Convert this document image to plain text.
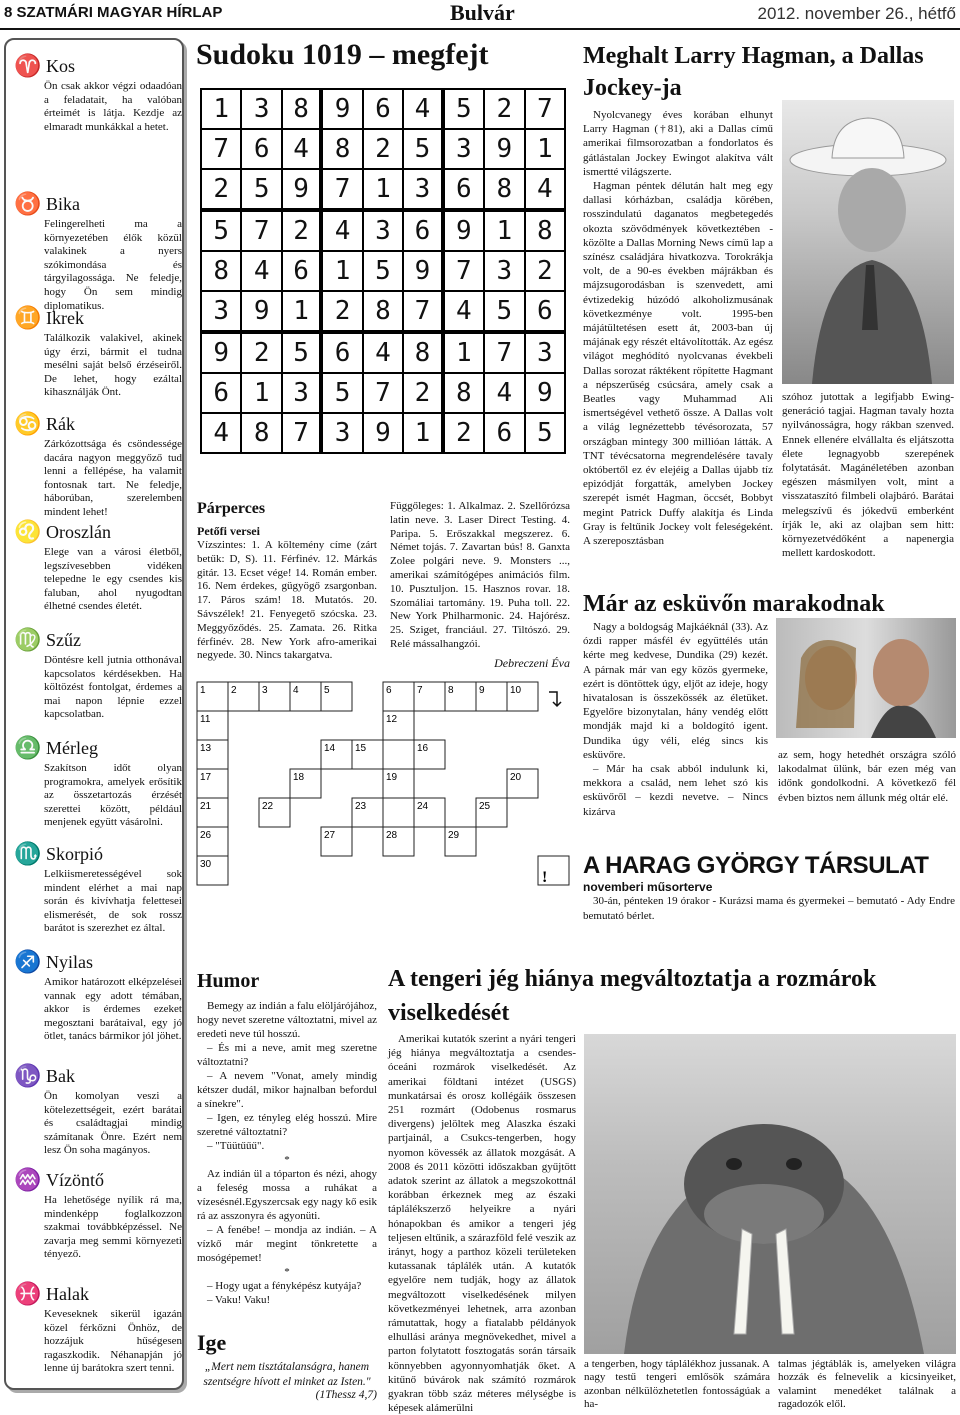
8 SZATMÁRI MAGYAR HÍRLAP	Bulvár	2012. november 26., hétfő
♈ Kos
Ön csak akkor végzi odaadóan a feladatait, ha valóban érteimét is látja. Kezdje az elmaradt munkákkal a hetet.
♉ Bika
Felingerelheti ma a környezetében élők közül valakinek a nyers szókimondása és tárgyilagossága. Ne feledje, hogy Ön sem mindig diplomatikus.
♊ Ikrek
Találkozik valakivel, akinek úgy érzi, bármit el tudna mesélni saját belső érzéseiről. De lehet, hogy ezáltal kihasználják Önt.
♋ Rák
Zárkózottsága és csöndessége dacára nagyon meggyőző tud lenni a fellépése, ha valamit fontosnak tart. Ne feledje, háborúban, szerelemben mindent lehet!
♌ Oroszlán
Elege van a városi életből, legszívesebben vidéken telepedne le egy csendes kis faluban, ahol nyugodtan élhetné csendes életét.
♍ Szűz
Döntésre kell jutnia otthonával kapcsolatos kérdésekben. Ha költözést fontolgat, érdemes a mai napon lépnie ezzel kapcsolatban.
♎ Mérleg
Szakítson időt olyan programokra, amelyek erősítik az összetartozás érzését szerettei között, például menjenek együtt vásárolni.
♏ Skorpió
Lelkiismeretességével sok mindent elérhet a mai nap során és kivívhatja felettesei elismerését, de sok rossz barátot is szerezhet ez által.
♐ Nyilas
Amikor határozott elképzelései vannak egy adott témában, akkor is érdemes ezeket megosztani barátaival, egy jó ötlet, tanács bármikor jól jöhet.
♑ Bak
Ön komolyan veszi a kötelezettségeit, ezért barátai és családtagjai mindig számítanak Önre. Ezért nem lesz Ön soha magányos.
♒ Vízöntő
Ha lehetősége nyílik rá ma, mindenképp foglalkozzon szakmai továbbképzéssel. Ne zavarja meg semmi környezeti tényező.
♓ Halak
Keveseknek sikerül igazán közel férkőzni Önhöz, de hozzájuk hűségesen ragaszkodik. Néhanapján jó lenne új barátokra szert tenni.
Sudoku 1019 – megfejt
1 3 8 9 6 4 5 2 7
7 6 4 8 2 5 3 9 1
2 5 9 7 1 3 6 8 4
5 7 2 4 3 6 9 1 8
8 4 6 1 5 9 7 3 2
3 9 1 2 8 7 4 5 6
9 2 5 6 4 8 1 7 3
6 1 3 5 7 2 8 4 9
4 8 7 3 9 1 2 6 5
Párperces
Petőfi versei
Vízszintes: 1. A költemény címe (zárt betűk: D, S). 11. Férfinév. 12. Márkás gitár. 13. Ecset vége! 14. Román ember. 16. Nem érdekes, gügyögő zsargonban. 17. Páros szám! 18. Mutatós. 20. Sávszélek! 21. Fenyegető szócska. 23. Meggyőződés. 25. Zamata. 26. Ritka férfinév. 28. New York afro-amerikai negyede. 30. Nincs takargatva.
Függőleges: 1. Alkalmaz. 2. Szellőrózsa latin neve. 3. Laser Direct Testing. 4. Paripa. 5. Erőszakkal megszerez. 6. Német tojás. 7. Zavartan bús! 8. Ganxta Zolee polgári neve. 9. Monsters ..., amerikai számítógépes animációs film. 10. Pusztuljon. 15. Hasznos rovar. 18. Szomáliai tartomány. 19. Puha toll. 22. New York Philharmonic. 24. Hajórész. 25. Sziget, franciául. 27. Tiltószó. 29. Relé mássalhangzói.
Debreczeni Éva
1	2	3	4	5	6	7	8	9	10
11	12
13	14 15	16
17	18	19	20
21	22	23	24	25
26	27	28	29
30
!
Humor
Bemegy az indián a falu elöljárójához, hogy nevet szeretne változtatni, mivel az eredeti neve túl hosszú.
– És mi a neve, amit meg szeretne változtatni?
– A nevem "Vonat, amely mindig kétszer dudál, mikor hajnalban befordul a sínekre".
– Igen, ez tényleg elég hosszú. Mire szeretné változtatni?
– "Tüütűűű".
*
Az indián ül a tóparton és nézi, ahogy a feleség mossa a ruhákat a vízesésnél.Egyszercsak egy nagy kő esik rá az asszonyra és agyonüti.
– A fenébe! – mondja az indián. – A vízkő már megint tönkretette a mosógépemet!
*
– Hogy ugat a fényképész kutyája?
– Vaku! Vaku!
Ige
„Mert nem tisztátalanságra, hanem szentségre hívott el minket az Isten."
(1Thessz 4,7)
Meghalt Larry Hagman, a Dallas Jockey-ja
Nyolcvanegy éves korában elhunyt Larry Hagman (†81), aki a Dallas című amerikai filmsorozatban a fondorlatos és gátlástalan Jockey Ewingot alakítva vált ismertté világszerte.
Hagman péntek délután halt meg egy dallasi kórházban, családja körében, rosszindulatú daganatos megbetegedés okozta szövődmények következtében - közölte a Dallas Morning News című lap a színész családjára hivatkozva. Torokrákja volt, de a 90-es években májrákban és májzsugorodásban is szenvedett, ami évtizedekig húzódó alkoholizmusának következménye volt. 1995-ben májátültetésen esett át, 2003-ban új májának egy részét eltávolították. Az egész világot meghódító nyolcvanas évekbeli Dallas sorozat ráktékent röpítette Hagmant a népszerűség csúcsára, amely csak a Beatles vagy Muhammad Ali ismertségével vethető össze. A Dallas volt a világ legnézettebb tévésorozata, 57 országban mintegy 300 millióan látták. A TNT tévécsatorna megrendelésére tavaly októbertől ez év elejéig a Dallas újabb tíz epizódját forgatták, amelyben Jockey szerepét ismét Hagman, öccsét, Bobbyt megint Patrick Duffy alakítja és Linda Gray is feltűnik Jockey volt feleségeként. A szereposztásban
szóhoz jutottak a legifjabb Ewing-generáció tagjai. Hagman tavaly hozta nyilvánosságra, hogy rákban szenved. Ennek ellenére elvállalta és eljátszotta élete legnagyobb szerepének folytatását. Magánéletében azonban egészen másmilyen volt, mint a visszataszító filmbeli olajbáró. Barátai melegszívű és jókedvű emberként írják le, aki az olajban sem hitt: környezetvédőként a napenergia mellett kardoskodott.
Már az esküvőn marakodnak
Nagy a boldogság Majkáéknál (33). Az ózdi rapper másfél év együttélés után kérte meg kedvese, Dundika (29) kezét. A párnak már van egy közös gyermeke, ezért is döntöttek úgy, eljőt az ideje, hogy hivatalosan is összekössék az életüket. Egyelőre bizonytalan, hány vendég előtt mondják majd ki a boldogító igent. Dundika úgy véli, elég sincs kis esküvőre.
– Már ha csak abból indulunk ki, mekkora a család, nem lehet szó kis esküvőről – kezdi nevetve. – Nincs kizárva
az sem, hogy hetedhét országra szóló lakodalmat ülünk, bár ezen még van időnk gondolkodni. A következő fél évben biztos nem állunk még oltár elé.
A HARAG GYÖRGY TÁRSULAT
novemberi műsorterve
30-án, pénteken 19 órakor - Kurázsi mama és gyermekei – bemutató - Ady Endre bemutató bérlet.
A tengeri jég hiánya megváltoztatja a rozmárok viselkedését
Amerikai kutatók szerint a nyári tengeri jég hiánya megváltoztatja a csendes-óceáni rozmárok viselkedését. Az amerikai földtani intézet (USGS) munkatársai és orosz kollégáik összesen 251 rozmárt (Odobenus rosmarus divergens) jelöltek meg Alaszka északi partjainál, a Csukcs-tengerben, hogy nyomon kövessék az állatok mozgását. A 2008 és 2011 közötti időszakban gyűjtött adatok szerint az állatok a megszokottnál korábban érkeznek meg az északi táplálékszerző helyeikre a nyári hónapokban és amikor a tengeri jég teljesen eltűnik, a szárazföld felé veszik az irányt, hogy a parthoz közeli területeken kutassanak táplálék után. A kutatók egyelőre nem tudják, hogy az állatok megváltozott viselkedésének milyen következményei lehetnek, arra azonban rámutattak, hogy a fiatalabb példányok elhullási aránya megnövekedhet, mivel a parton folytatott fosztogatás során társaik könnyebben agyonnyomhatják őket. A kitűnő búvárok nak számító rozmárok gyakran több száz méteres mélységbe is képesek alámerülni
a tengerben, hogy táplálékhoz jussanak. A nagy testű tengeri emlősök számára azonban nélkülözhetetlen fontosságúak a ha-
talmas jégtáblák is, amelyeken világra hozzák és felnevelik a kicsinyeiket, valamint menedéket találnak a ragadozók elől.
